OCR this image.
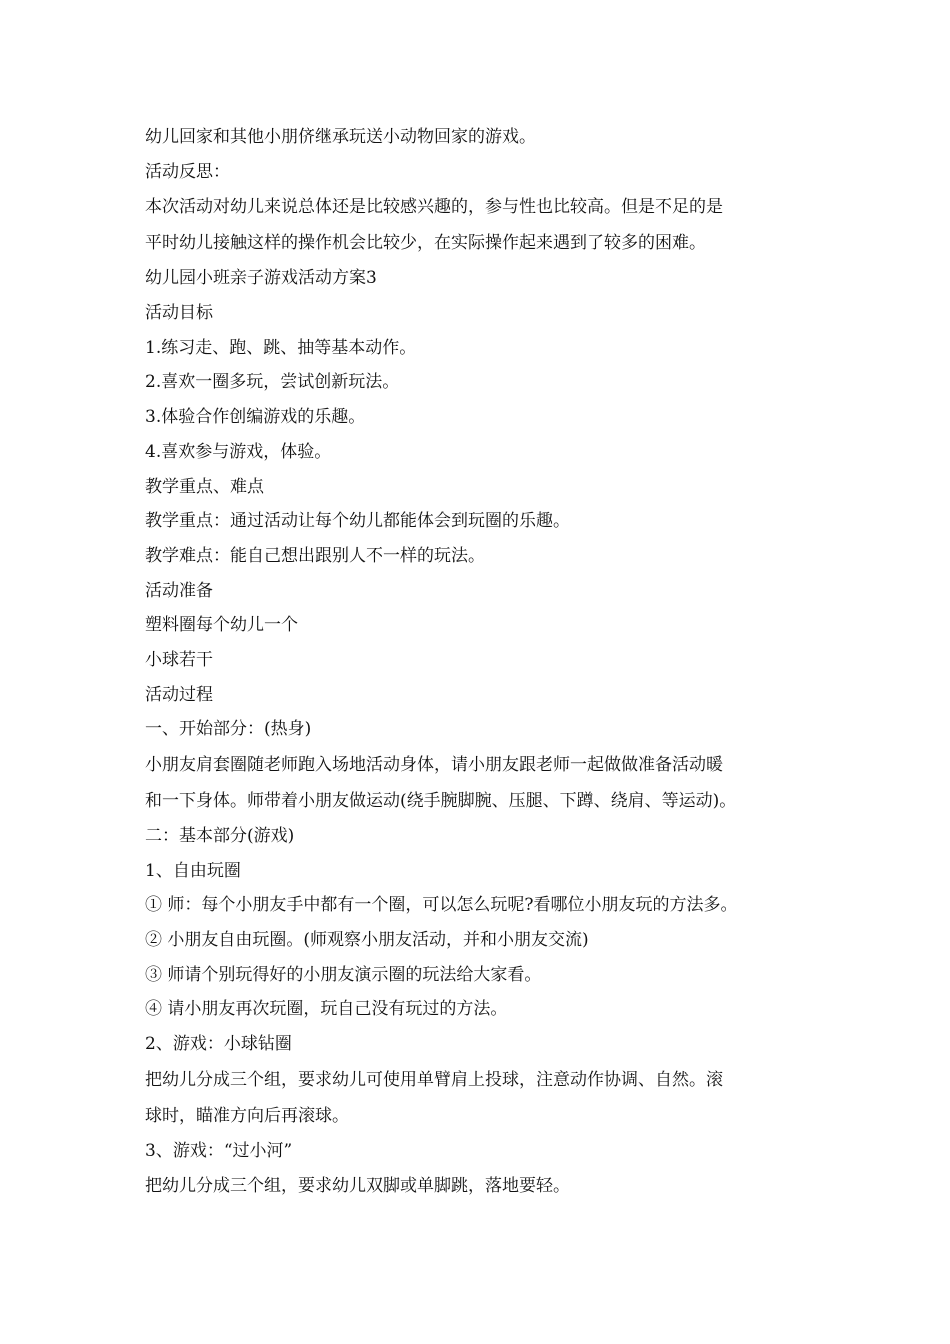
幼儿回家和其他小朋侪继承玩送小动物回家的游戏。
活动反思：
本次活动对幼儿来说总体还是比较感兴趣的，参与性也比较高。但是不足的是
平时幼儿接触这样的操作机会比较少，在实际操作起来遇到了较多的困难。
幼儿园小班亲子游戏活动方案3
活动目标
1.练习走、跑、跳、抽等基本动作。
2.喜欢一圈多玩，尝试创新玩法。
3.体验合作创编游戏的乐趣。
4.喜欢参与游戏，体验。
教学重点、难点
教学重点：通过活动让每个幼儿都能体会到玩圈的乐趣。
教学难点：能自己想出跟别人不一样的玩法。
活动准备
塑料圈每个幼儿一个
小球若干
活动过程
一、开始部分：(热身)
小朋友肩套圈随老师跑入场地活动身体，请小朋友跟老师一起做做准备活动暖
和一下身体。师带着小朋友做运动(绕手腕脚腕、压腿、下蹲、绕肩、等运动)。
二：基本部分(游戏)
1、自由玩圈
① 师：每个小朋友手中都有一个圈，可以怎么玩呢?看哪位小朋友玩的方法多。
② 小朋友自由玩圈。(师观察小朋友活动，并和小朋友交流)
③ 师请个别玩得好的小朋友演示圈的玩法给大家看。
④ 请小朋友再次玩圈，玩自己没有玩过的方法。
2、游戏：小球钻圈
把幼儿分成三个组，要求幼儿可使用单臂肩上投球，注意动作协调、自然。滚
球时，瞄准方向后再滚球。
3、游戏：“过小河”
把幼儿分成三个组，要求幼儿双脚或单脚跳，落地要轻。
